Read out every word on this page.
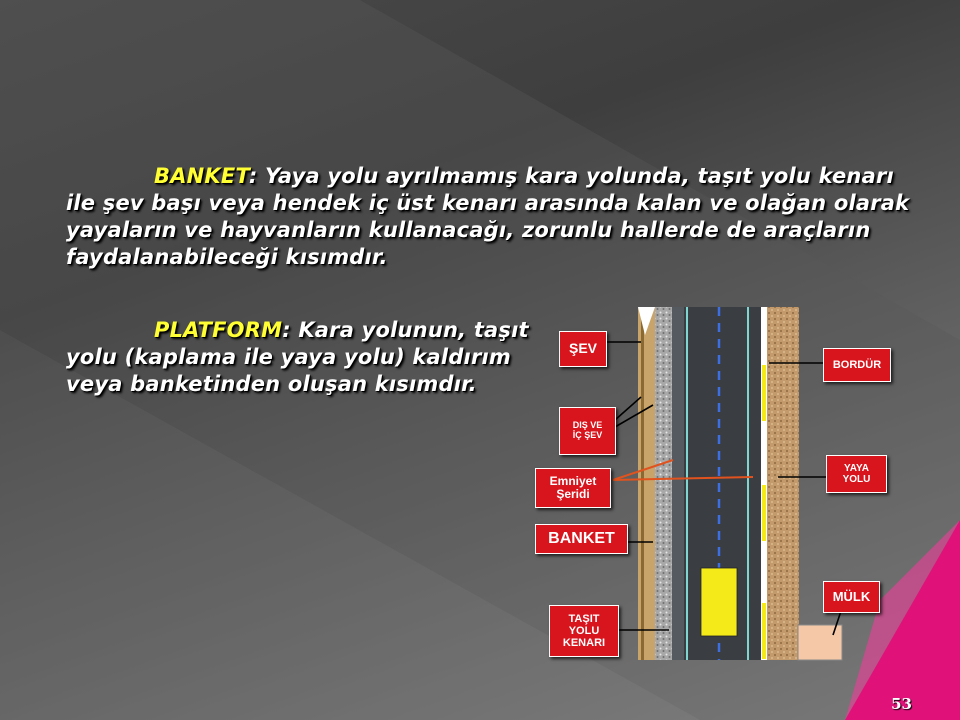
BANKET: Yaya yolu ayrılmamış kara yolunda, taşıt yolu kenarı ile şev başı veya hendek iç üst kenarı arasında kalan ve olağan olarak yayaların ve hayvanların kullanacağı, zorunlu hallerde de araçların faydalanabileceği kısımdır.
PLATFORM: Kara yolunun, taşıt yolu (kaplama ile yaya yolu) kaldırım veya banketinden oluşan kısımdır.
ŞEV
DIŞ VE
İÇ ŞEV
Emniyet
Şeridi
BANKET
TAŞIT
YOLU
KENARI
BORDÜR
YAYA
YOLU
MÜLK
YOLU
53
